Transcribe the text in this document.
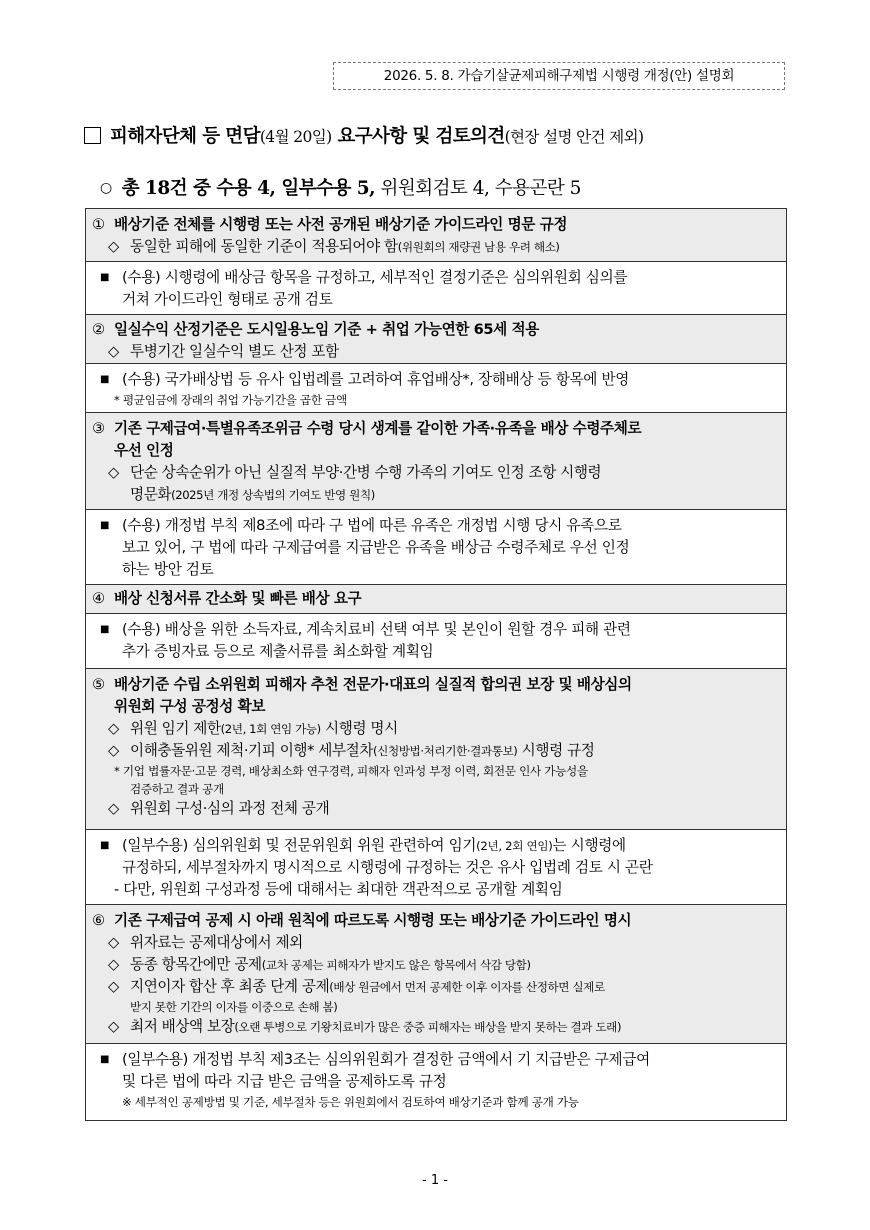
2026. 5. 8. 가습기살균제피해구제법 시행령 개정(안) 설명회
피해자단체 등 면담(4월 20일) 요구사항 및 검토의견(현장 설명 안건 제외)
○ 총 18건 중 수용 4, 일부수용 5, 위원회검토 4, 수용곤란 5
① 배상기준 전체를 시행령 또는 사전 공개된 배상기준 가이드라인 명문 규정
◇ 동일한 피해에 동일한 기준이 적용되어야 함(위원회의 재량권 남용 우려 해소)

■ (수용) 시행령에 배상금 항목을 규정하고, 세부적인 결정기준은 심의위원회 심의를
거쳐 가이드라인 형태로 공개 검토

② 일실수익 산정기준은 도시일용노임 기준 + 취업 가능연한 65세 적용
◇ 투병기간 일실수익 별도 산정 포함

■ (수용) 국가배상법 등 유사 입법례를 고려하여 휴업배상*, 장해배상 등 항목에 반영
* 평균임금에 장래의 취업 가능기간을 곱한 금액

③ 기존 구제급여·특별유족조위금 수령 당시 생계를 같이한 가족·유족을 배상 수령주체로
우선 인정
◇ 단순 상속순위가 아닌 실질적 부양·간병 수행 가족의 기여도 인정 조항 시행령
명문화(2025년 개정 상속법의 기여도 반영 원칙)

■ (수용) 개정법 부칙 제8조에 따라 구 법에 따른 유족은 개정법 시행 당시 유족으로
보고 있어, 구 법에 따라 구제급여를 지급받은 유족을 배상금 수령주체로 우선 인정
하는 방안 검토

④ 배상 신청서류 간소화 및 빠른 배상 요구

■ (수용) 배상을 위한 소득자료, 계속치료비 선택 여부 및 본인이 원할 경우 피해 관련
추가 증빙자료 등으로 제출서류를 최소화할 계획임

⑤ 배상기준 수립 소위원회 피해자 추천 전문가·대표의 실질적 합의권 보장 및 배상심의
위원회 구성 공정성 확보
◇ 위원 임기 제한(2년, 1회 연임 가능) 시행령 명시
◇ 이해충돌위원 제척·기피 이행* 세부절차(신청방법·처리기한·결과통보) 시행령 규정
* 기업 법률자문·고문 경력, 배상최소화 연구경력, 피해자 인과성 부정 이력, 회전문 인사 가능성을
검증하고 결과 공개
◇ 위원회 구성·심의 과정 전체 공개

■ (일부수용) 심의위원회 및 전문위원회 위원 관련하여 임기(2년, 2회 연임)는 시행령에
규정하되, 세부절차까지 명시적으로 시행령에 규정하는 것은 유사 입법례 검토 시 곤란
- 다만, 위원회 구성과정 등에 대해서는 최대한 객관적으로 공개할 계획임

⑥ 기존 구제급여 공제 시 아래 원칙에 따르도록 시행령 또는 배상기준 가이드라인 명시
◇ 위자료는 공제대상에서 제외
◇ 동종 항목간에만 공제(교차 공제는 피해자가 받지도 않은 항목에서 삭감 당함)
◇ 지연이자 합산 후 최종 단계 공제(배상 원금에서 먼저 공제한 이후 이자를 산정하면 실제로
받지 못한 기간의 이자를 이중으로 손해 봄)
◇ 최저 배상액 보장(오랜 투병으로 기왕치료비가 많은 중증 피해자는 배상을 받지 못하는 결과 도래)

■ (일부수용) 개정법 부칙 제3조는 심의위원회가 결정한 금액에서 기 지급받은 구제급여
및 다른 법에 따라 지급 받은 금액을 공제하도록 규정
※ 세부적인 공제방법 및 기준, 세부절차 등은 위원회에서 검토하여 배상기준과 함께 공개 가능
- 1 -
